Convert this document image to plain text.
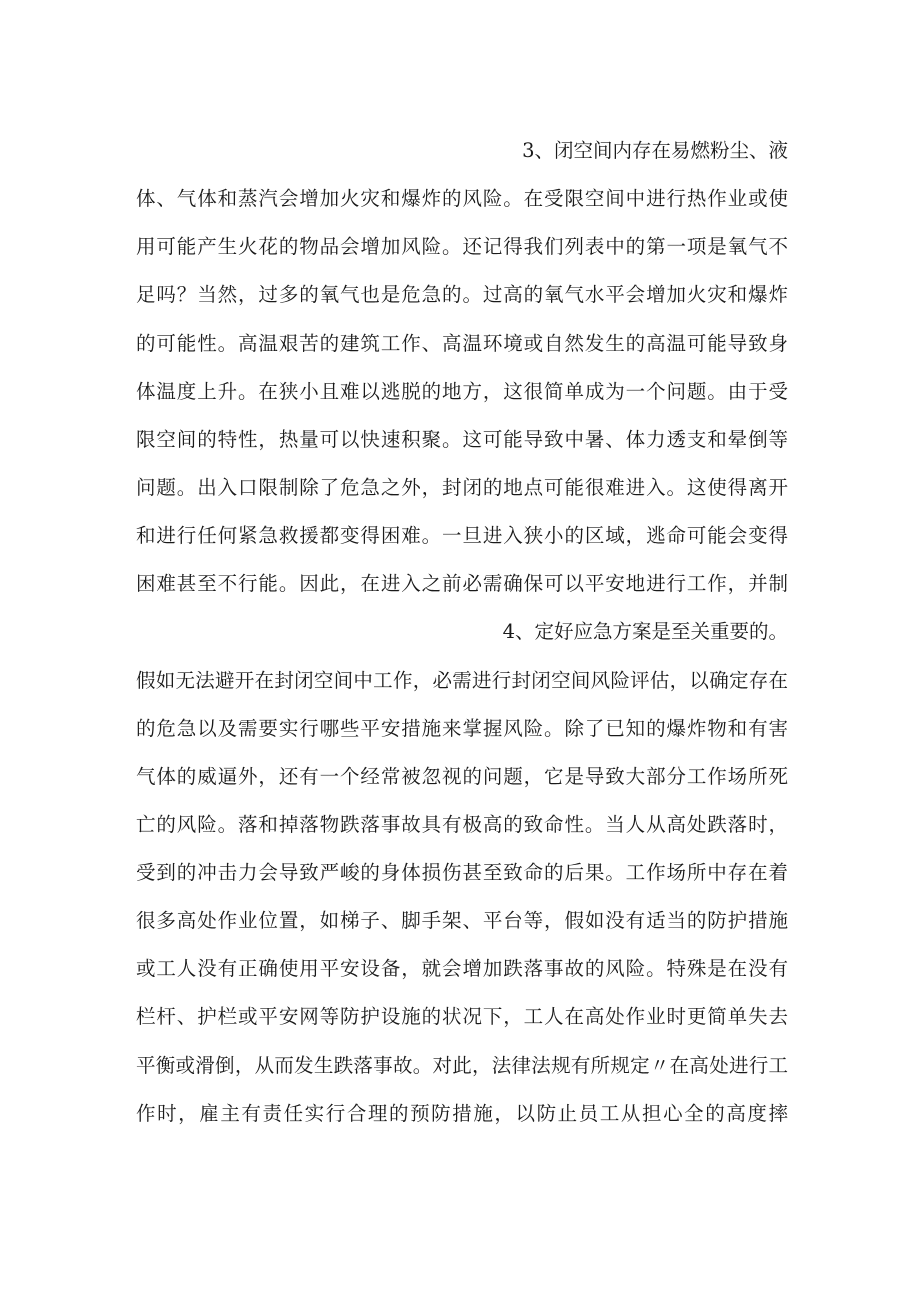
3、闭空间内存在易燃粉尘、液
体、气体和蒸汽会增加火灾和爆炸的风险。在受限空间中进行热作业或使
用可能产生火花的物品会增加风险。还记得我们列表中的第一项是氧气不
足吗？当然，过多的氧气也是危急的。过高的氧气水平会增加火灾和爆炸
的可能性。高温艰苦的建筑工作、高温环境或自然发生的高温可能导致身
体温度上升。在狭小且难以逃脱的地方，这很简单成为一个问题。由于受
限空间的特性，热量可以快速积聚。这可能导致中暑、体力透支和晕倒等
问题。出入口限制除了危急之外，封闭的地点可能很难进入。这使得离开
和进行任何紧急救援都变得困难。一旦进入狭小的区域，逃命可能会变得
困难甚至不行能。因此，在进入之前必需确保可以平安地进行工作，并制
4、定好应急方案是至关重要的。
假如无法避开在封闭空间中工作，必需进行封闭空间风险评估，以确定存在
的危急以及需要实行哪些平安措施来掌握风险。除了已知的爆炸物和有害
气体的威逼外，还有一个经常被忽视的问题，它是导致大部分工作场所死
亡的风险。落和掉落物跌落事故具有极高的致命性。当人从高处跌落时，
受到的冲击力会导致严峻的身体损伤甚至致命的后果。工作场所中存在着
很多高处作业位置，如梯子、脚手架、平台等，假如没有适当的防护措施
或工人没有正确使用平安设备，就会增加跌落事故的风险。特殊是在没有
栏杆、护栏或平安网等防护设施的状况下，工人在高处作业时更简单失去
平衡或滑倒，从而发生跌落事故。对此，法律法规有所规定〃在高处进行工
作时，雇主有责任实行合理的预防措施，以防止员工从担心全的高度摔
